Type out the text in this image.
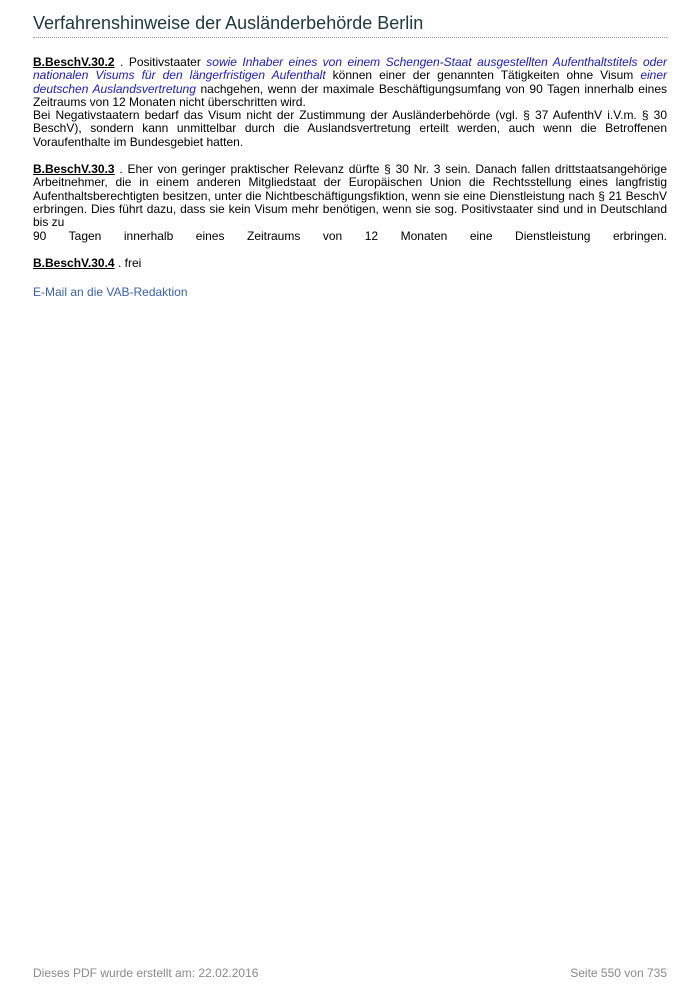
Verfahrenshinweise der Ausländerbehörde Berlin

B.BeschV.30.2 . Positivstaater sowie Inhaber eines von einem Schengen-Staat ausgestellten Aufenthaltstitels oder nationalen Visums für den längerfristigen Aufenthalt können einer der genannten Tätigkeiten ohne Visum einer deutschen Auslandsvertretung nachgehen, wenn der maximale Beschäftigungsumfang von 90 Tagen innerhalb eines Zeitraums von 12 Monaten nicht überschritten wird.
Bei Negativstaatern bedarf das Visum nicht der Zustimmung der Ausländerbehörde (vgl. § 37 AufenthV i.V.m. § 30 BeschV), sondern kann unmittelbar durch die Auslandsvertretung erteilt werden, auch wenn die Betroffenen Voraufenthalte im Bundesgebiet hatten.

B.BeschV.30.3 . Eher von geringer praktischer Relevanz dürfte § 30 Nr. 3 sein. Danach fallen drittstaatsangehörige Arbeitnehmer, die in einem anderen Mitgliedstaat der Europäischen Union die Rechtsstellung eines langfristig Aufenthaltsberechtigten besitzen, unter die Nichtbeschäftigungsfiktion, wenn sie eine Dienstleistung nach § 21 BeschV erbringen. Dies führt dazu, dass sie kein Visum mehr benötigen, wenn sie sog. Positivstaater sind und in Deutschland bis zu
90 Tagen innerhalb eines Zeitraums von 12 Monaten eine Dienstleistung erbringen.

B.BeschV.30.4 . frei

E-Mail an die VAB-Redaktion
Dieses PDF wurde erstellt am: 22.02.2016	Seite 550 von 735
